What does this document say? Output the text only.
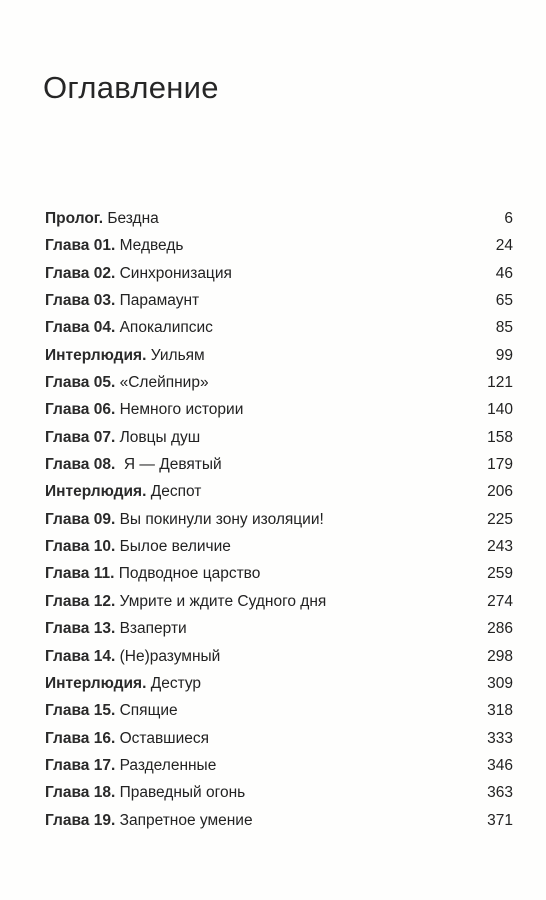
Оглавление
Пролог. Бездна	6
Глава 01. Медведь	24
Глава 02. Синхронизация	46
Глава 03. Парамаунт	65
Глава 04. Апокалипсис	85
Интерлюдия. Уильям	99
Глава 05. «Слейпнир»	121
Глава 06. Немного истории	140
Глава 07. Ловцы душ	158
Глава 08. Я — Девятый	179
Интерлюдия. Деспот	206
Глава 09. Вы покинули зону изоляции!	225
Глава 10. Былое величие	243
Глава 11. Подводное царство	259
Глава 12. Умрите и ждите Судного дня	274
Глава 13. Взаперти	286
Глава 14. (Не)разумный	298
Интерлюдия. Дестур	309
Глава 15. Спящие	318
Глава 16. Оставшиеся	333
Глава 17. Разделенные	346
Глава 18. Праведный огонь	363
Глава 19. Запретное умение	371
